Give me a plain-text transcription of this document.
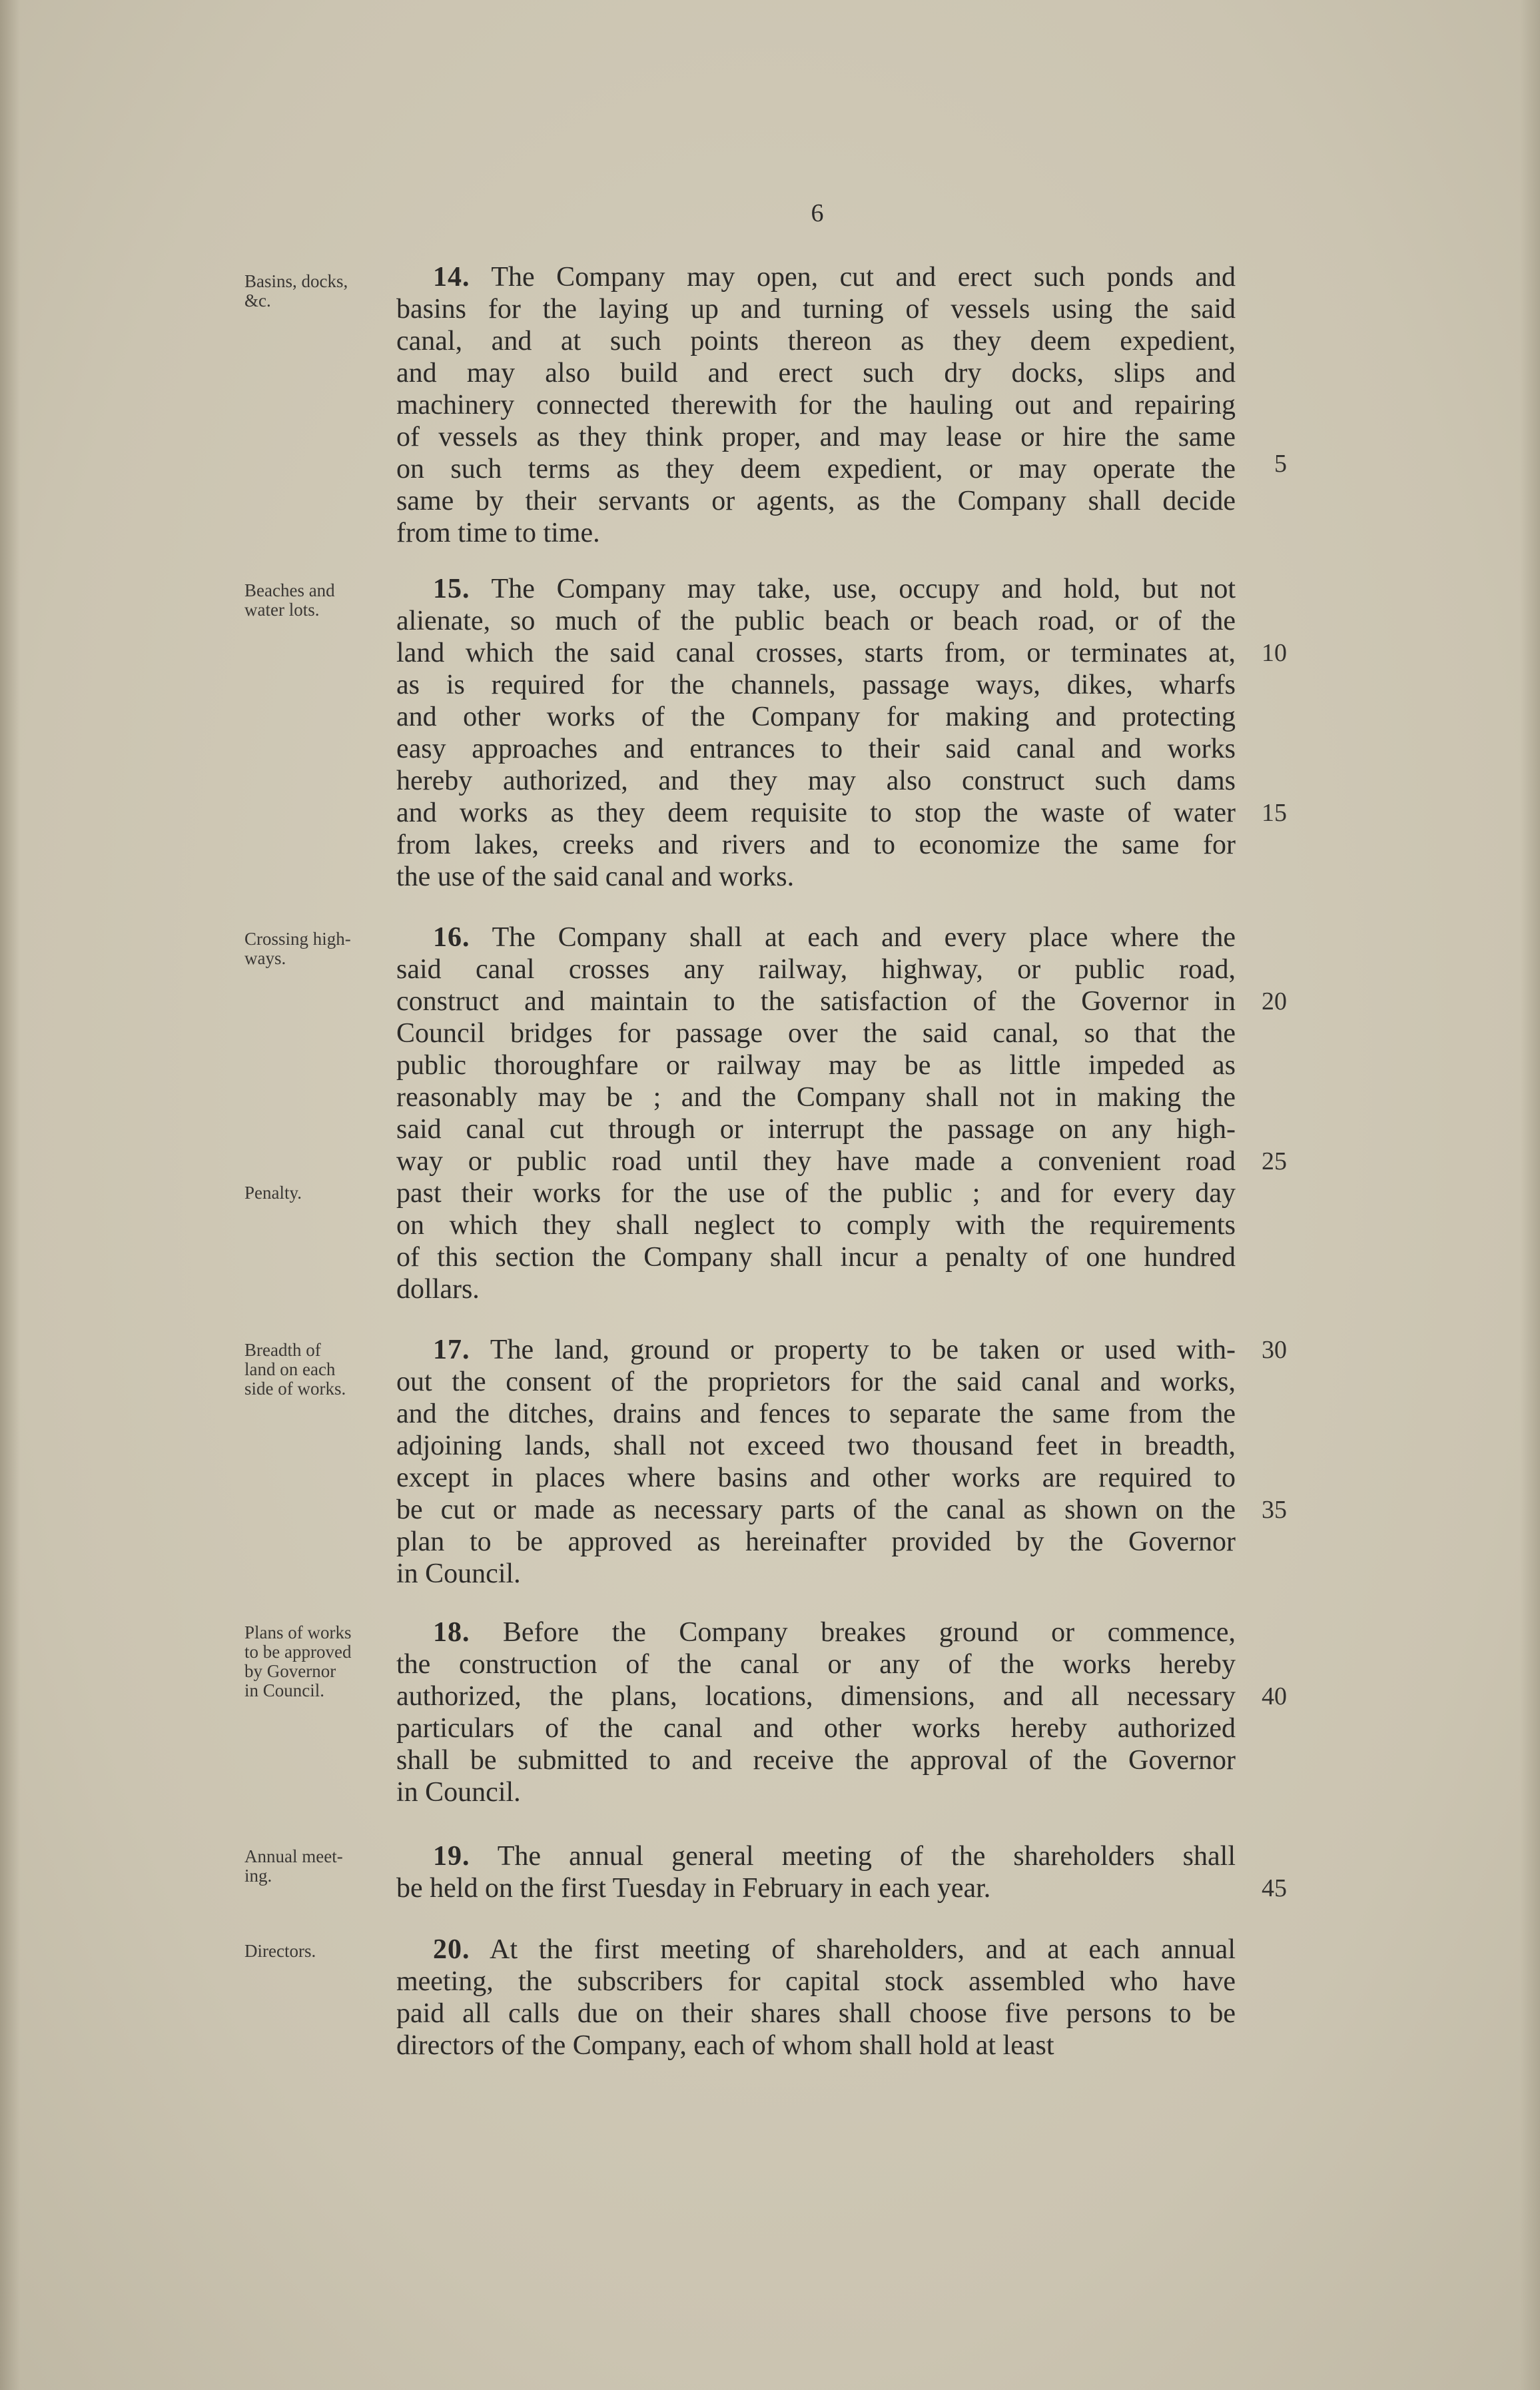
6
Basins, docks,
&c.
14. The Company may open, cut and erect such ponds and
basins for the laying up and turning of vessels using the said
canal, and at such points thereon as they deem expedient,
and may also build and erect such dry docks, slips and
machinery connected therewith for the hauling out and repairing
of vessels as they think proper, and may lease or hire the same
on such terms as they deem expedient, or may operate the
same by their servants or agents, as the Company shall decide
from time to time.
Beaches and
water lots.
15. The Company may take, use, occupy and hold, but not
alienate, so much of the public beach or beach road, or of the
land which the said canal crosses, starts from, or terminates at,
as is required for the channels, passage ways, dikes, wharfs
and other works of the Company for making and protecting
easy approaches and entrances to their said canal and works
hereby authorized, and they may also construct such dams
and works as they deem requisite to stop the waste of water
from lakes, creeks and rivers and to economize the same for
the use of the said canal and works.
Crossing high-
ways.
Penalty.
16. The Company shall at each and every place where the
said canal crosses any railway, highway, or public road,
construct and maintain to the satisfaction of the Governor in
Council bridges for passage over the said canal, so that the
public thoroughfare or railway may be as little impeded as
reasonably may be ; and the Company shall not in making the
said canal cut through or interrupt the passage on any high-
way or public road until they have made a convenient road
past their works for the use of the public ; and for every day
on which they shall neglect to comply with the requirements
of this section the Company shall incur a penalty of one hundred
dollars.
Breadth of
land on each
side of works.
17. The land, ground or property to be taken or used with-
out the consent of the proprietors for the said canal and works,
and the ditches, drains and fences to separate the same from the
adjoining lands, shall not exceed two thousand feet in breadth,
except in places where basins and other works are required to
be cut or made as necessary parts of the canal as shown on the
plan to be approved as hereinafter provided by the Governor
in Council.
Plans of works
to be approved
by Governor
in Council.
18. Before the Company breakes ground or commence,
the construction of the canal or any of the works hereby
authorized, the plans, locations, dimensions, and all necessary
particulars of the canal and other works hereby authorized
shall be submitted to and receive the approval of the Governor
in Council.
Annual meet-
ing.
19. The annual general meeting of the shareholders shall
be held on the first Tuesday in February in each year.
Directors.	20. At the first meeting of shareholders, and at each annual
meeting, the subscribers for capital stock assembled who have
paid all calls due on their shares shall choose five persons to be
directors of the Company, each of whom shall hold at least
5
10
15
20
25
30
35
40
45
